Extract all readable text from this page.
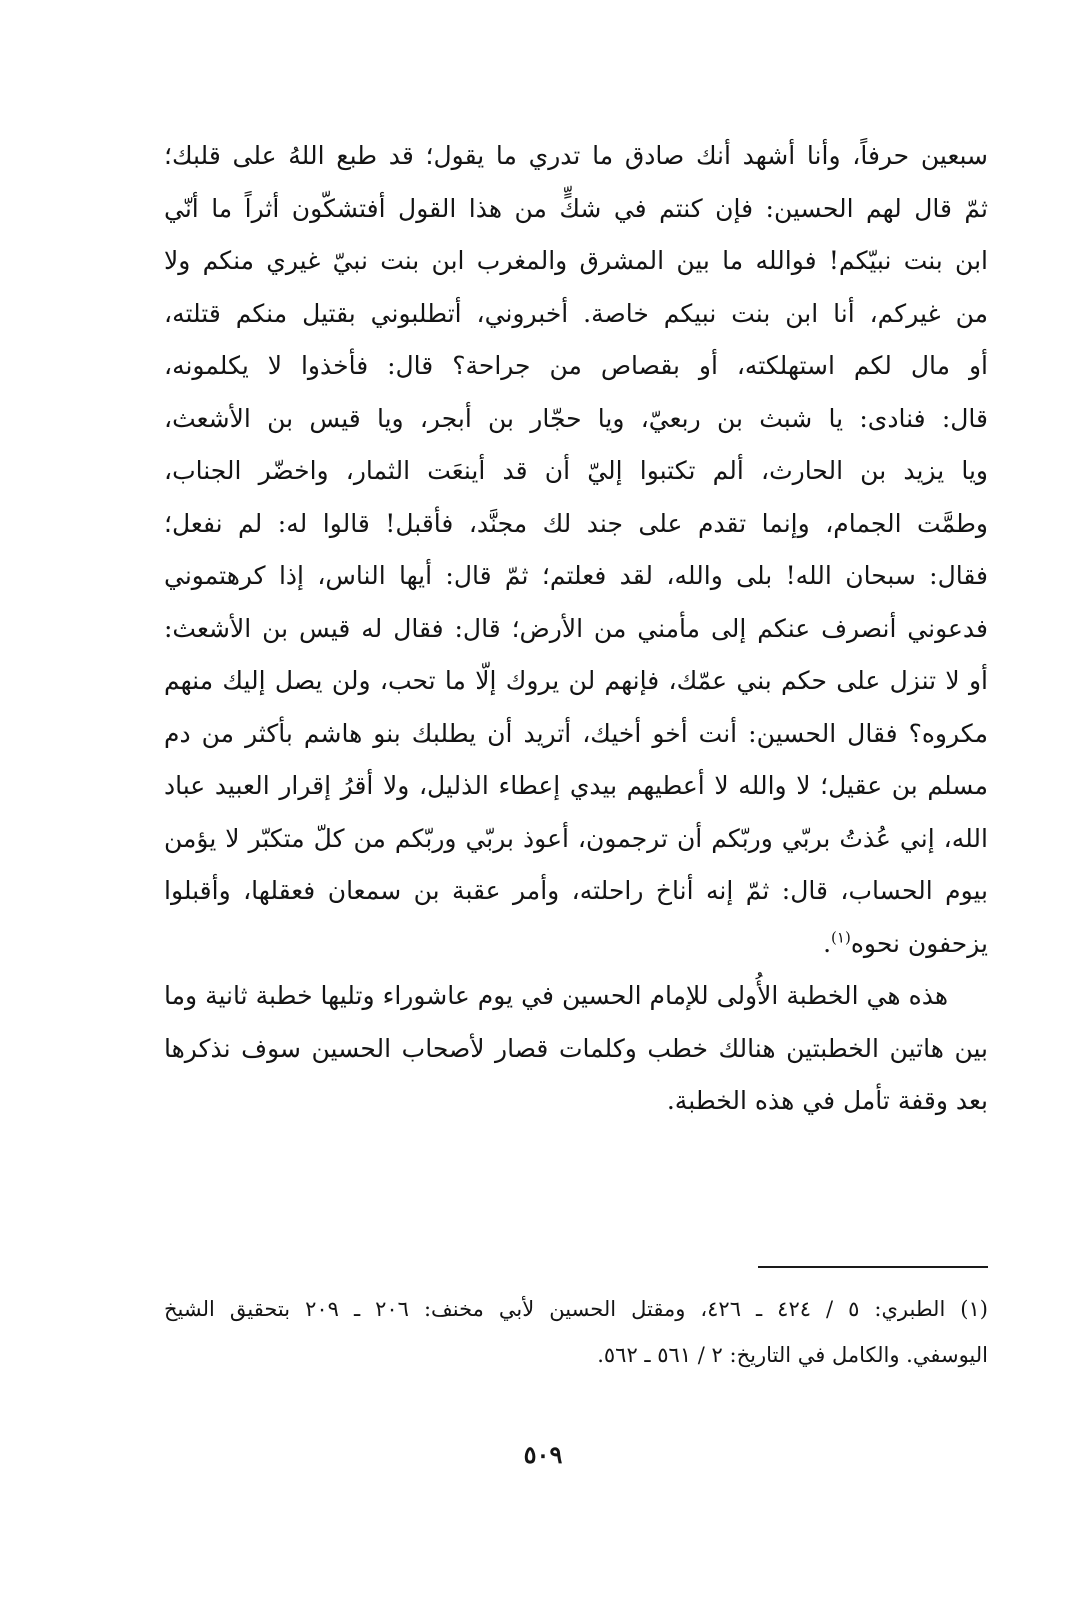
سبعين حرفاً، وأنا أشهد أنك صادق ما تدري ما يقول؛ قد طبع اللهُ على قلبك؛
ثمّ قال لهم الحسين: فإن كنتم في شكٍّ من هذا القول أفتشكّون أثراً ما أنّي
ابن بنت نبيّكم! فوالله ما بين المشرق والمغرب ابن بنت نبيّ غيري منكم ولا
من غيركم، أنا ابن بنت نبيكم خاصة. أخبروني، أتطلبوني بقتيل منكم قتلته،
أو مال لكم استهلكته، أو بقصاص من جراحة؟ قال: فأخذوا لا يكلمونه،
قال: فنادى: يا شبث بن ربعيّ، ويا حجّار بن أبجر، ويا قيس بن الأشعث،
ويا يزيد بن الحارث، ألم تكتبوا إليّ أن قد أينعَت الثمار، واخضّر الجناب،
وطمَّت الجمام، وإنما تقدم على جند لك مجنَّد، فأقبل! قالوا له: لم نفعل؛
فقال: سبحان الله! بلى والله، لقد فعلتم؛ ثمّ قال: أيها الناس، إذا كرهتموني
فدعوني أنصرف عنكم إلى مأمني من الأرض؛ قال: فقال له قيس بن الأشعث:
أو لا تنزل على حكم بني عمّك، فإنهم لن يروك إلّا ما تحب، ولن يصل إليك منهم
مكروه؟ فقال الحسين: أنت أخو أخيك، أتريد أن يطلبك بنو هاشم بأكثر من دم
مسلم بن عقيل؛ لا والله لا أعطيهم بيدي إعطاء الذليل، ولا أقرُ إقرار العبيد عباد
الله، إني عُذتُ بربّي وربّكم أن ترجمون، أعوذ بربّي وربّكم من كلّ متكبّر لا يؤمن
بيوم الحساب، قال: ثمّ إنه أناخ راحلته، وأمر عقبة بن سمعان فعقلها، وأقبلوا
يزحفون نحوه$^{(١)}$.
هذه هي الخطبة الأُولى للإمام الحسين في يوم عاشوراء وتليها خطبة ثانية وما
بين هاتين الخطبتين هنالك خطب وكلمات قصار لأصحاب الحسين سوف نذكرها
بعد وقفة تأمل في هذه الخطبة.
(١) الطبري: ٥ / ٤٢٤ ـ ٤٢٦، ومقتل الحسين لأبي مخنف: ٢٠٦ ـ ٢٠٩ بتحقيق الشيخ
اليوسفي. والكامل في التاريخ: ٢ / ٥٦١ ـ ٥٦٢.
٥٠٩
